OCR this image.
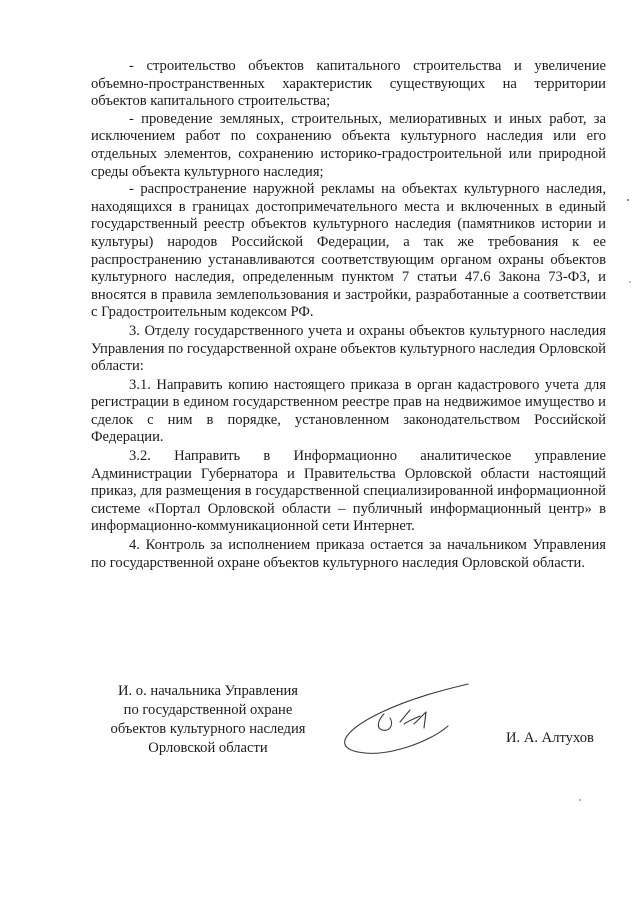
- строительство объектов капитального строительства и увеличение объемно-пространственных характеристик существующих на территории объектов капитального строительства;

- проведение земляных, строительных, мелиоративных и иных работ, за исключением работ по сохранению объекта культурного наследия или его отдельных элементов, сохранению историко-градостроительной или природной среды объекта культурного наследия;

- распространение наружной рекламы на объектах культурного наследия, находящихся в границах достопримечательного места и включенных в единый государственный реестр объектов культурного наследия (памятников истории и культуры) народов Российской Федерации, а так же требования к ее распространению устанавливаются соответствующим органом охраны объектов культурного наследия, определенным пунктом 7 статьи 47.6 Закона 73-ФЗ, и вносятся в правила землепользования и застройки, разработанные а соответствии с Градостроительным кодексом РФ.

3. Отделу государственного учета и охраны объектов культурного наследия Управления по государственной охране объектов культурного наследия Орловской области:

3.1. Направить копию настоящего приказа в орган кадастрового учета для регистрации в едином государственном реестре прав на недвижимое имущество и сделок с ним в порядке, установленном законодательством Российской Федерации.

3.2. Направить в Информационно аналитическое управление Администрации Губернатора и Правительства Орловской области настоящий приказ, для размещения в государственной специализированной информационной системе «Портал Орловской области – публичный информационный центр» в информационно-коммуникационной сети Интернет.

4. Контроль за исполнением приказа остается за начальником Управления по государственной охране объектов культурного наследия Орловской области.

И. о. начальника Управления
по государственной охране
объектов культурного наследия
Орловской области
И. А. Алтухов
